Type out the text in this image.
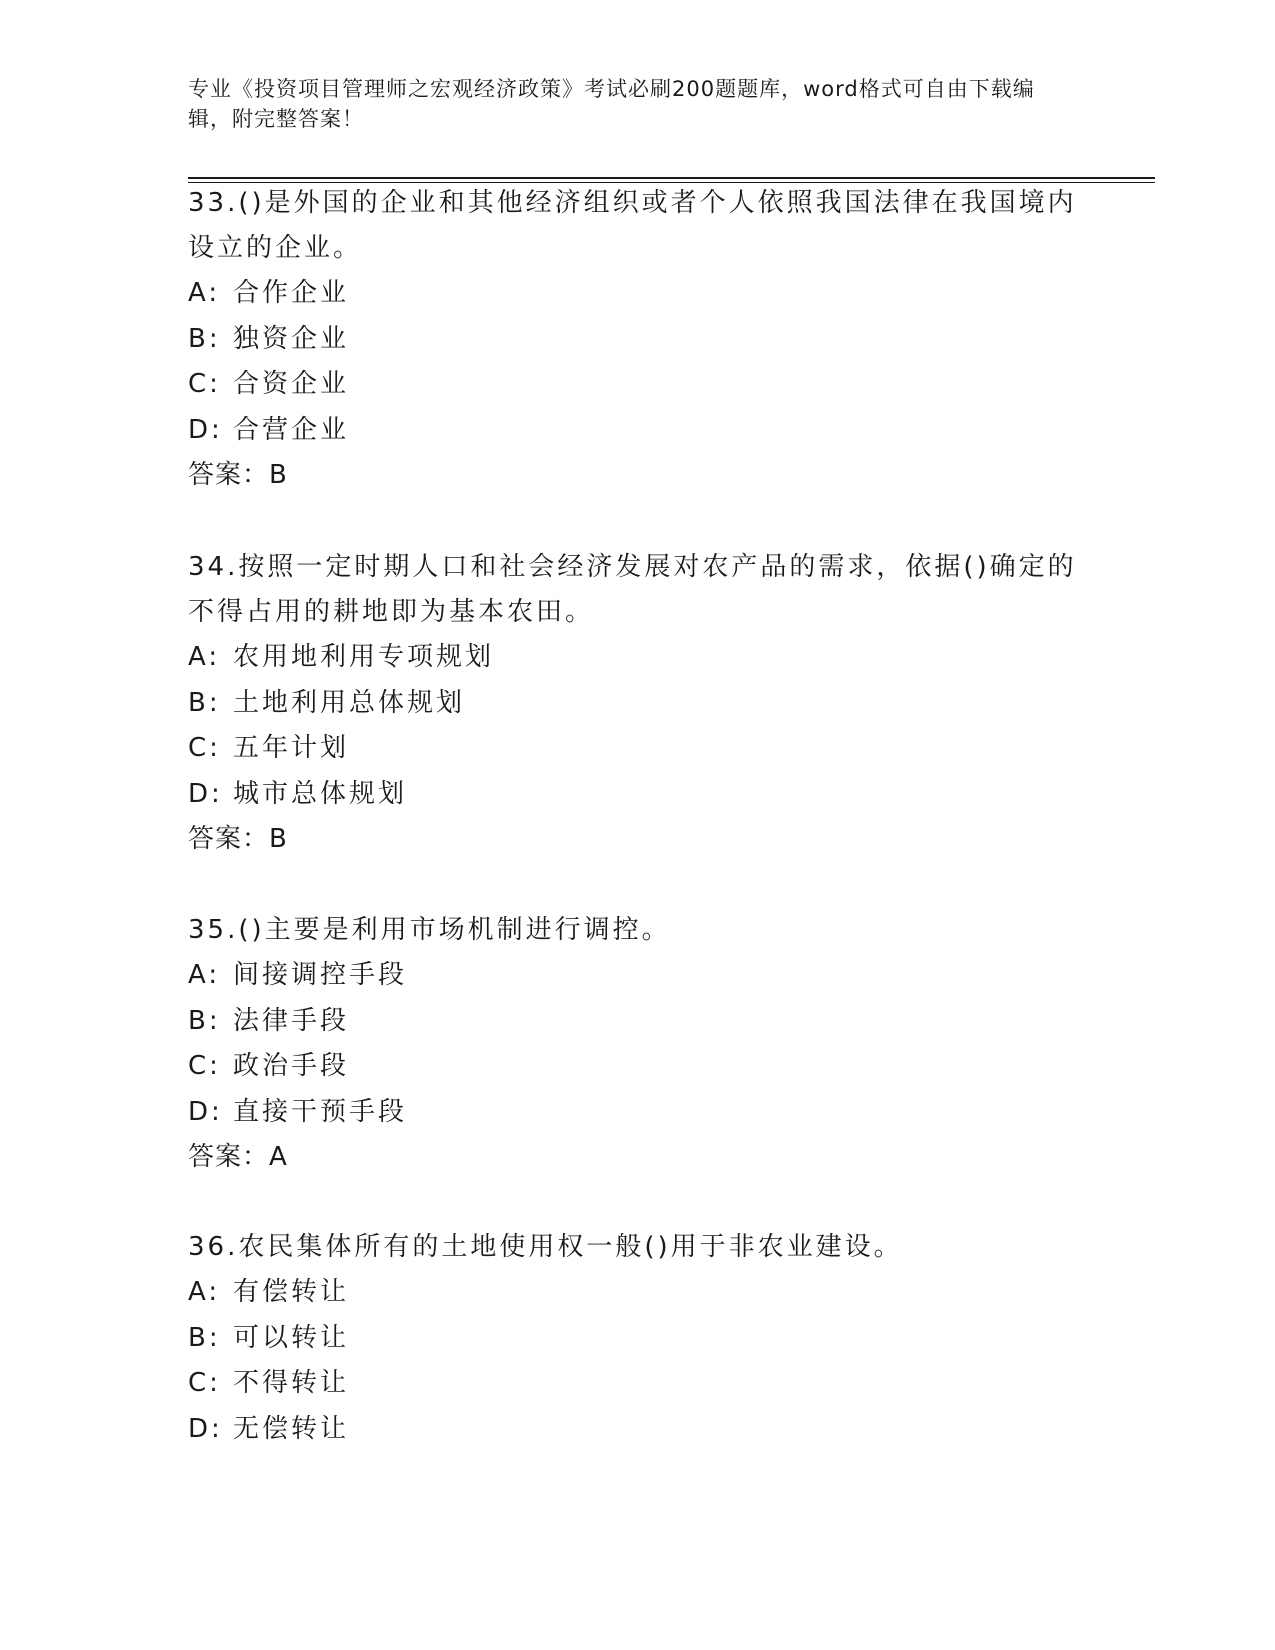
专业《投资项目管理师之宏观经济政策》考试必刷200题题库，word格式可自由下载编辑，附完整答案！

33.()是外国的企业和其他经济组织或者个人依照我国法律在我国境内设立的企业。

A: 合作企业

B: 独资企业

C: 合资企业

D: 合营企业

答案：B

34.按照一定时期人口和社会经济发展对农产品的需求，依据()确定的不得占用的耕地即为基本农田。

A: 农用地利用专项规划

B: 土地利用总体规划

C: 五年计划

D: 城市总体规划

答案：B

35.()主要是利用市场机制进行调控。

A: 间接调控手段

B: 法律手段

C: 政治手段

D: 直接干预手段

答案：A

36.农民集体所有的土地使用权一般()用于非农业建设。

A: 有偿转让

B: 可以转让

C: 不得转让

D: 无偿转让
